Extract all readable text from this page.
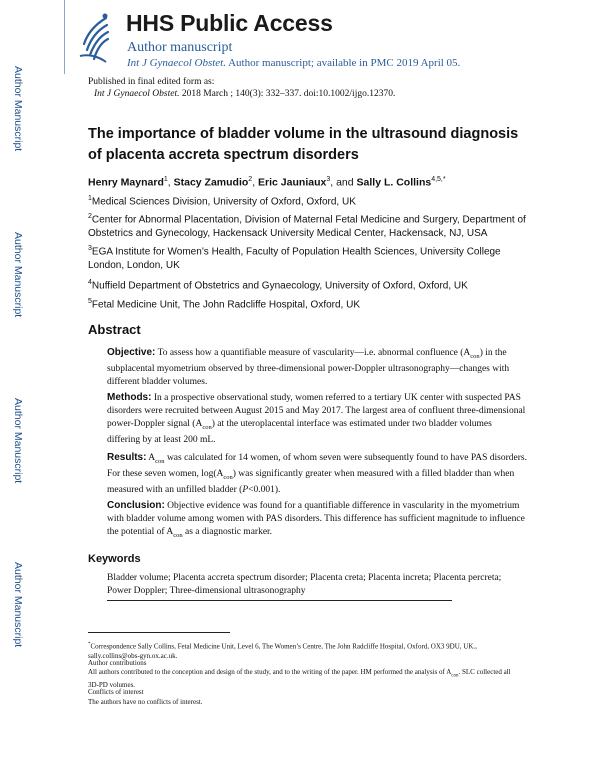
Author Manuscript
Author Manuscript
Author Manuscript
Author Manuscript
HHS Public Access
Author manuscript
Int J Gynaecol Obstet. Author manuscript; available in PMC 2019 April 05.
Published in final edited form as:
Int J Gynaecol Obstet. 2018 March ; 140(3): 332–337. doi:10.1002/ijgo.12370.
The importance of bladder volume in the ultrasound diagnosis of placenta accreta spectrum disorders
Henry Maynard$^1$, Stacy Zamudio$^2$, Eric Jauniaux$^3$, and Sally L. Collins$^{4,5,*}$
$^1$Medical Sciences Division, University of Oxford, Oxford, UK
$^2$Center for Abnormal Placentation, Division of Maternal Fetal Medicine and Surgery, Department of Obstetrics and Gynecology, Hackensack University Medical Center, Hackensack, NJ, USA
$^3$EGA Institute for Women’s Health, Faculty of Population Health Sciences, University College London, London, UK
$^4$Nuffield Department of Obstetrics and Gynaecology, University of Oxford, Oxford, UK
$^5$Fetal Medicine Unit, The John Radcliffe Hospital, Oxford, UK
Abstract
Objective: To assess how a quantifiable measure of vascularity—i.e. abnormal confluence $(A_{con})$ in the subplacental myometrium observed by three-dimensional power-Doppler ultrasonography—changes with different bladder volumes.
Methods: In a prospective observational study, women referred to a tertiary UK center with suspected PAS disorders were recruited between August 2015 and May 2017. The largest area of confluent three-dimensional power-Doppler signal $(A_{con})$ at the uteroplacental interface was estimated under two bladder volumes differing by at least 200 mL.
Results: $A_{con}$ was calculated for 14 women, of whom seven were subsequently found to have PAS disorders. For these seven women, $\log(A_{con})$ was significantly greater when measured with a filled bladder than when measured with an unfilled bladder (P<0.001).
Conclusion: Objective evidence was found for a quantifiable difference in vascularity in the myometrium with bladder volume among women with PAS disorders. This difference has sufficient magnitude to influence the potential of $A_{con}$ as a diagnostic marker.
Keywords
Bladder volume; Placenta accreta spectrum disorder; Placenta creta; Placenta increta; Placenta percreta; Power Doppler; Three-dimensional ultrasonography
*Correspondence Sally Collins, Fetal Medicine Unit, Level 6, The Women’s Centre, The John Radcliffe Hospital, Oxford, OX3 9DU, UK., sally.collins@obs-gyn.ox.ac.uk.
Author contributions
All authors contributed to the conception and design of the study, and to the writing of the paper. HM performed the analysis of $A_{con}$. SLC collected all 3D-PD volumes.
Conflicts of interest
The authors have no conflicts of interest.
